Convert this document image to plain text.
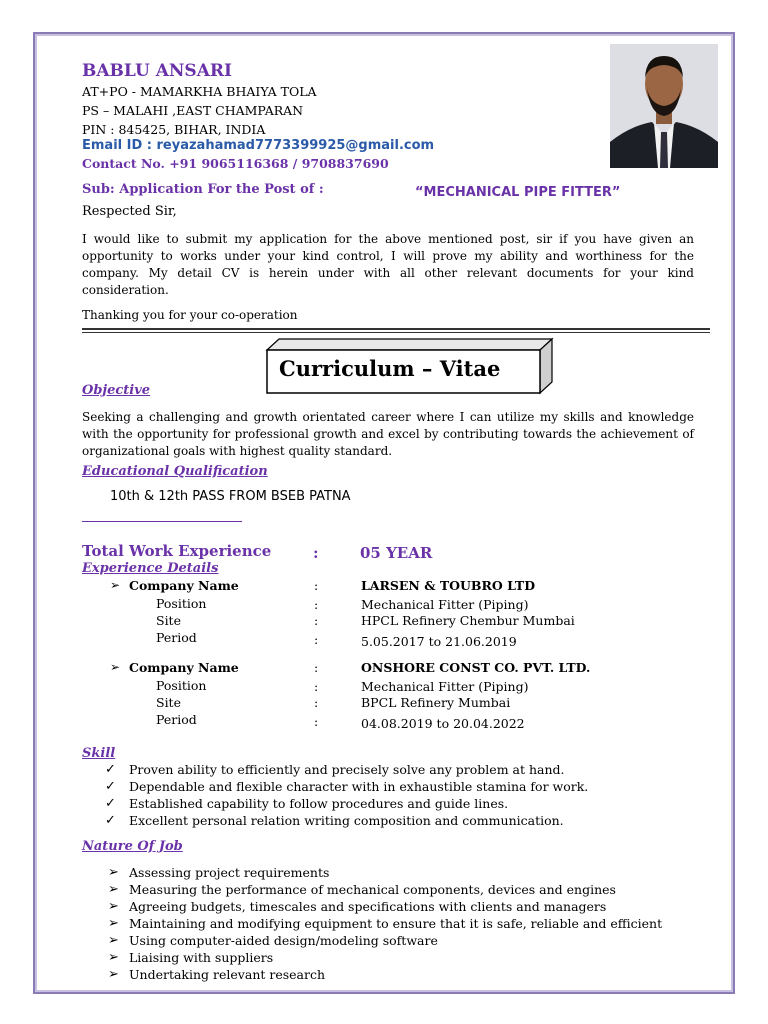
BABLU ANSARI
AT+PO - MAMARKHA BHAIYA TOLA
PS – MALAHI ,EAST CHAMPARAN
PIN : 845425, BIHAR, INDIA
Email ID : reyazahamad7773399925@gmail.com
Contact No. +91 9065116368 / 9708837690
Sub: Application For the Post of :	“MECHANICAL PIPE FITTER”
Respected Sir,
I would like to submit my application for the above mentioned post, sir if you have given an opportunity to works under your kind control, I will prove my ability and worthiness for the company. My detail CV is herein under with all other relevant documents for your kind consideration.
Thanking you for your co-operation
Curriculum – Vitae
Objective
Seeking a challenging and growth orientated career where I can utilize my skills and knowledge with the opportunity for professional growth and excel by contributing towards the achievement of organizational goals with highest quality standard.
Educational Qualification
10th & 12th PASS FROM BSEB PATNA
Total Work Experience	:	05 YEAR
Experience Details
➢ Company Name	:	LARSEN & TOUBRO LTD
Position	:	Mechanical Fitter (Piping)
Site	:	HPCL Refinery Chembur Mumbai
Period	:	5.05.2017 to 21.06.2019
➢ Company Name	:	ONSHORE CONST CO. PVT. LTD.
Position	:	Mechanical Fitter (Piping)
Site	:	BPCL Refinery Mumbai
Period	:	04.08.2019 to 20.04.2022
Skill
✓ Proven ability to efficiently and precisely solve any problem at hand.
✓ Dependable and flexible character with in exhaustible stamina for work.
✓ Established capability to follow procedures and guide lines.
✓ Excellent personal relation writing composition and communication.
Nature Of Job
➢ Assessing project requirements
➢ Measuring the performance of mechanical components, devices and engines
➢ Agreeing budgets, timescales and specifications with clients and managers
➢ Maintaining and modifying equipment to ensure that it is safe, reliable and efficient
➢ Using computer-aided design/modeling software
➢ Liaising with suppliers
➢ Undertaking relevant research
